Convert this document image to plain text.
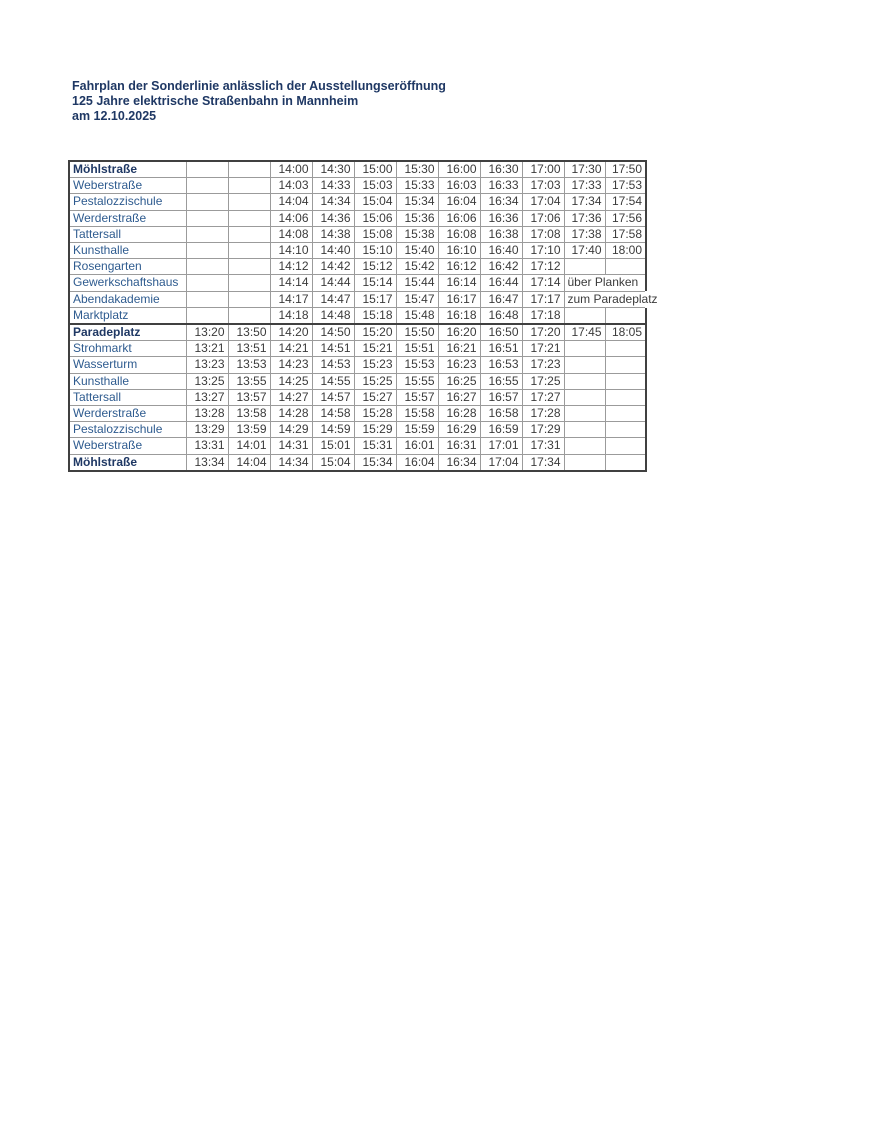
Fahrplan der Sonderlinie anlässlich der Ausstellungseröffnung
125 Jahre elektrische Straßenbahn in Mannheim
am 12.10.2025
Möhlstraße			14:00	14:30	15:00	15:30	16:00	16:30	17:00	17:30	17:50
Weberstraße			14:03	14:33	15:03	15:33	16:03	16:33	17:03	17:33	17:53
Pestalozzischule			14:04	14:34	15:04	15:34	16:04	16:34	17:04	17:34	17:54
Werderstraße			14:06	14:36	15:06	15:36	16:06	16:36	17:06	17:36	17:56
Tattersall			14:08	14:38	15:08	15:38	16:08	16:38	17:08	17:38	17:58
Kunsthalle			14:10	14:40	15:10	15:40	16:10	16:40	17:10	17:40	18:00
Rosengarten			14:12	14:42	15:12	15:42	16:12	16:42	17:12		
Gewerkschaftshaus			14:14	14:44	15:14	15:44	16:14	16:44	17:14	über Planken	
Abendakademie			14:17	14:47	15:17	15:47	16:17	16:47	17:17	zum Paradeplatz	
Marktplatz			14:18	14:48	15:18	15:48	16:18	16:48	17:18		
Paradeplatz	13:20	13:50	14:20	14:50	15:20	15:50	16:20	16:50	17:20	17:45	18:05
Strohmarkt	13:21	13:51	14:21	14:51	15:21	15:51	16:21	16:51	17:21		
Wasserturm	13:23	13:53	14:23	14:53	15:23	15:53	16:23	16:53	17:23		
Kunsthalle	13:25	13:55	14:25	14:55	15:25	15:55	16:25	16:55	17:25		
Tattersall	13:27	13:57	14:27	14:57	15:27	15:57	16:27	16:57	17:27		
Werderstraße	13:28	13:58	14:28	14:58	15:28	15:58	16:28	16:58	17:28		
Pestalozzischule	13:29	13:59	14:29	14:59	15:29	15:59	16:29	16:59	17:29		
Weberstraße	13:31	14:01	14:31	15:01	15:31	16:01	16:31	17:01	17:31		
Möhlstraße	13:34	14:04	14:34	15:04	15:34	16:04	16:34	17:04	17:34		
